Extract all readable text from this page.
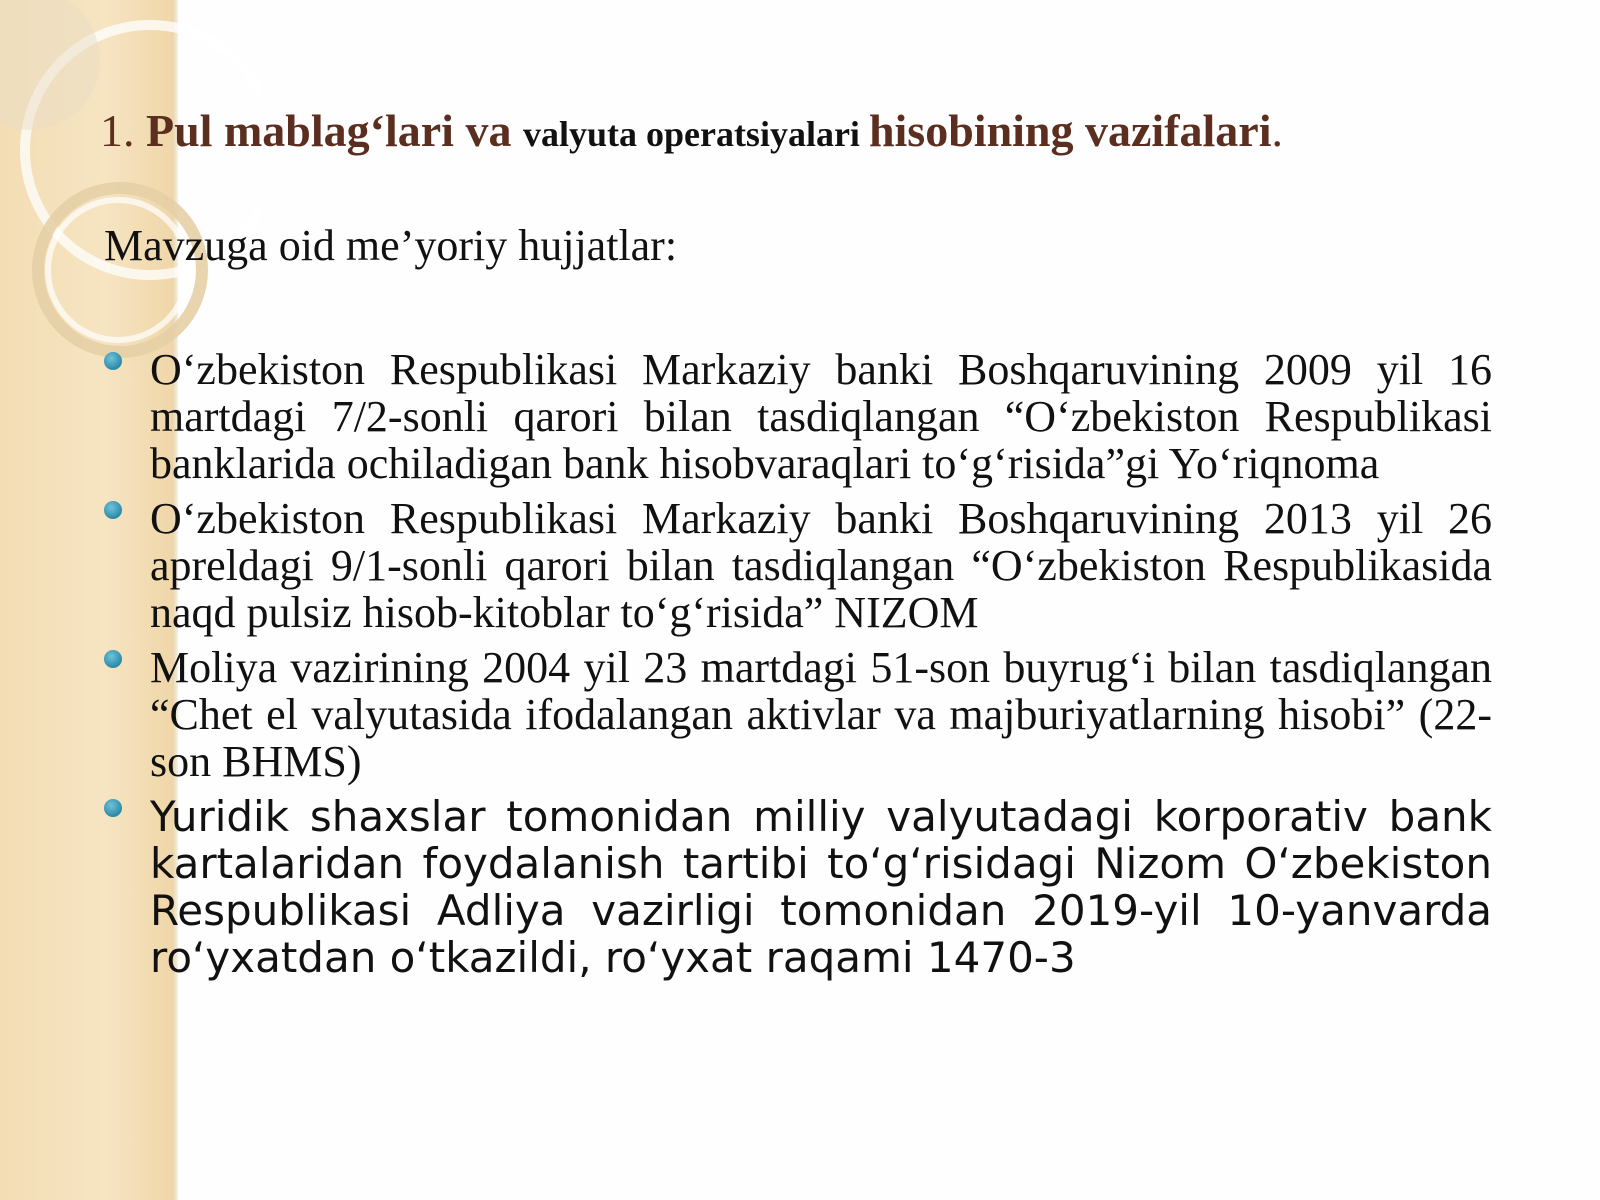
1. Pul mablag‘lari va valyuta operatsiyalari hisobining vazifalari.

Mavzuga oid me’yoriy hujjatlar:

O‘zbekiston Respublikasi Markaziy banki Boshqaruvining 2009 yil 16 martdagi 7/2-sonli qarori bilan tasdiqlangan “O‘zbekiston Respublikasi banklarida ochiladigan bank hisobvaraqlari to‘g‘risida”gi Yo‘riqnoma
O‘zbekiston Respublikasi Markaziy banki Boshqaruvining 2013 yil 26 apreldagi 9/1-sonli qarori bilan tasdiqlangan “O‘zbekiston Respublikasida naqd pulsiz hisob-kitoblar to‘g‘risida” NIZOM
Moliya vazirining 2004 yil 23 martdagi 51-son buyrug‘i bilan tasdiqlangan “Chet el valyutasida ifodalangan aktivlar va majburiyatlarning hisobi” (22-son BHMS)
Yuridik shaxslar tomonidan milliy valyutadagi korporativ bank kartalaridan foydalanish tartibi to‘g‘risidagi Nizom O‘zbekiston Respublikasi Adliya vazirligi tomonidan 2019-yil 10-yanvarda ro‘yxatdan o‘tkazildi, ro‘yxat raqami 1470-3
